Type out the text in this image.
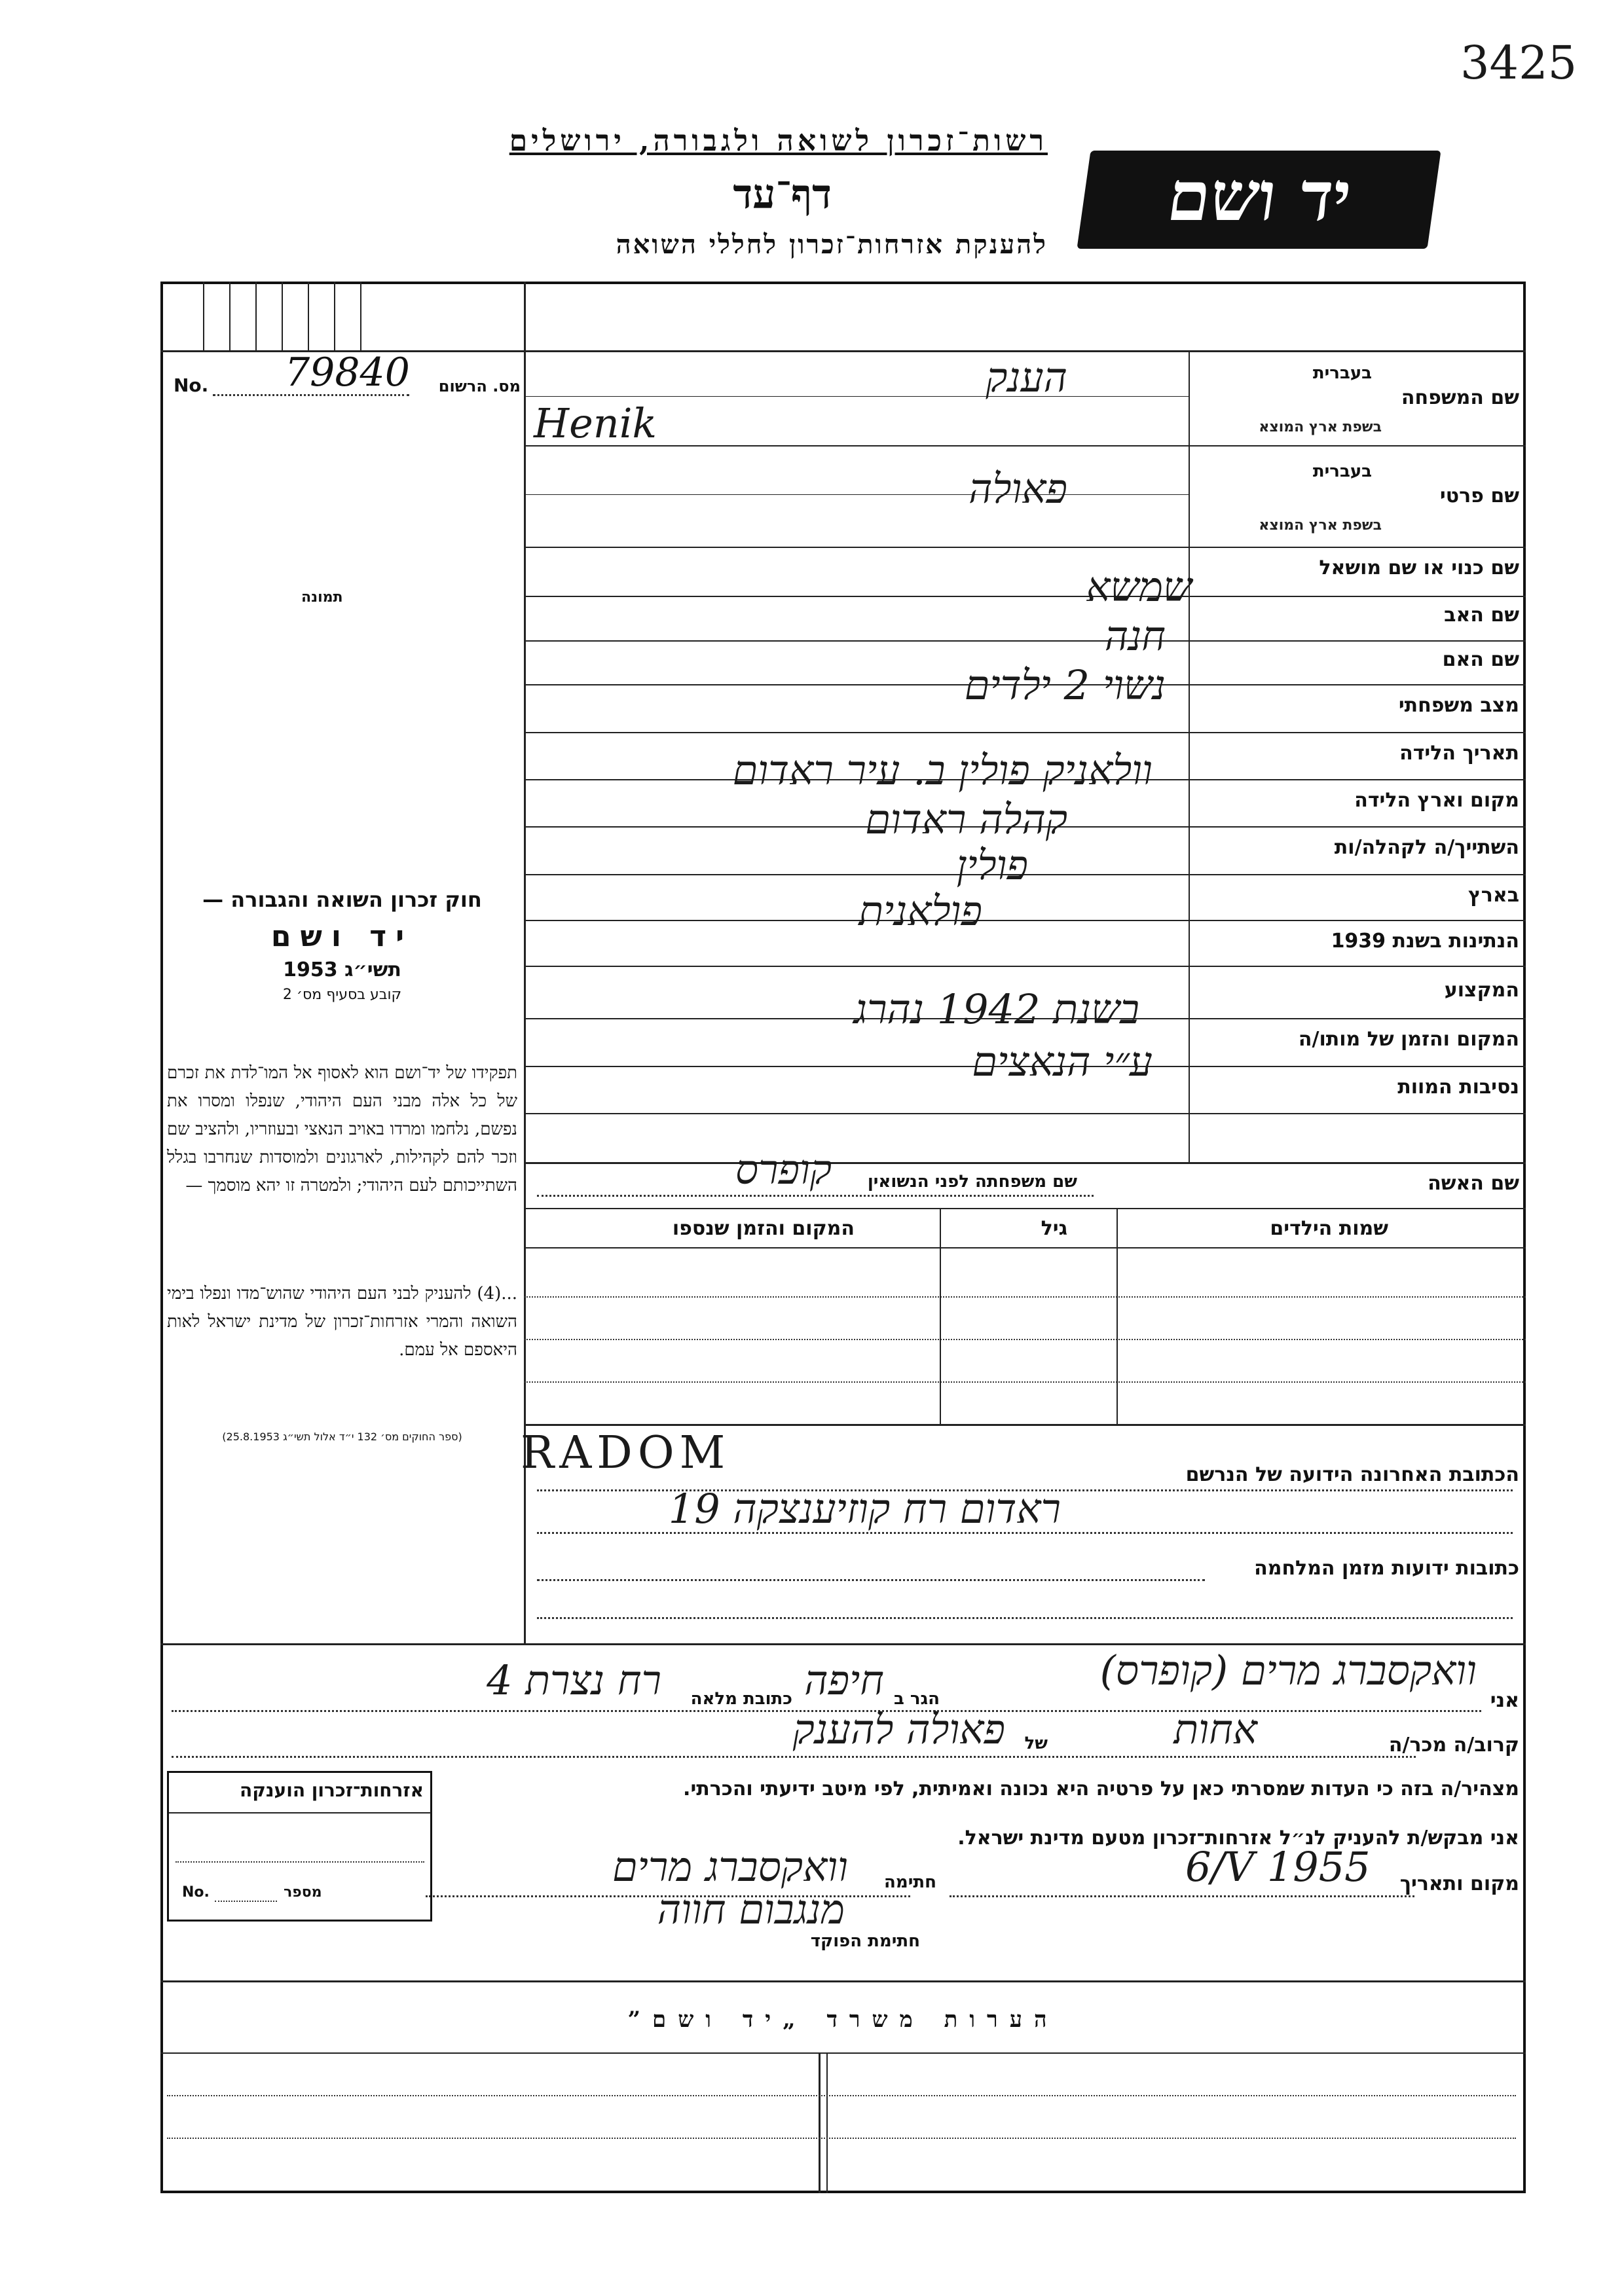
3425
רשות־זכרון לשואה ולגבורה, ירושלים
דף־עד
להענקת אזרחות־זכרון לחללי השואה
יד ושם
No. 79840 מס. הרשום
תמונה
חוק זכרון השואה והגבורה —
יד ושם
תשי״ג 1953
קובע בסעיף מס׳ 2
תפקידו של יד־ושם הוא לאסוף אל המו־לדת את זכרם של כל אלה מבני העם היהודי, שנפלו ומסרו את נפשם, נלחמו ומרדו באויב הנאצי ובעוזריו, ולהציב שם וזכר להם לקהילות, לארגונים ולמוסדות שנחרבו בגלל השתייכותם לעם היהודי; ולמטרה זו יהא מוסמך —
...(4) להעניק לבני העם היהודי שהוש־מדו ונפלו בימי השואה והמרי אזרחות־זכרון של מדינת ישראל לאות היאספם אל עמם.
(ספר החוקים מס׳ 132 י״ד אלול תשי״ג 25.8.1953)
שם המשפחה
בעברית
בשפת ארץ המוצא
הענק
Henik
שם פרטי
בעברית
בשפת ארץ המוצא
פאולה
שם כנוי או שם מושאל
שם האב
שמשא
שם האם
חנה
מצב משפחתי
נשוי 2 ילדים
תאריך הלידה
מקום וארץ הלידה
וולאניק פולין ב. עיר ראדום
השתייך/ה לקהלה/ות
קהלה ראדום
בארץ
פולין
הנתינות בשנת 1939
פולאנית
המקצוע
המקום והזמן של מותו/ה
בשנת 1942 נהרג
נסיבות המוות
ע״י הנאצים
שם האשה
שם משפחתה לפני הנשואין
קופרס
שמות הילדים
גיל
המקום והזמן שנספו
RADOM	הכתובת האחרונה הידועה של הנרשם
ראדום רח קוזיענצקה 19
כתובות ידועות מזמן המלחמה
אני
וואקסברג מרים (קופרס)
הגר ב
חיפה
כתובת מלאה
רח נצרת 4
קרוב/ה מכר/ה
אחות
של
פאולה להענק
מצהיר/ה בזה כי העדות שמסרתי כאן על פרטיה היא נכונה ואמיתית, לפי מיטב ידיעתי והכרתי.
אני מבקש/ת להעניק לנ״ל אזרחות־זכרון מטעם מדינת ישראל.
מקום ותאריך
6/V 1955
חתימה
וואקסברג מרים
מנגבום חווה
חתימת הפוקד
אזרחות־זכרון הוענקה
No.	מספר
הערות משרד „יד ושם”
